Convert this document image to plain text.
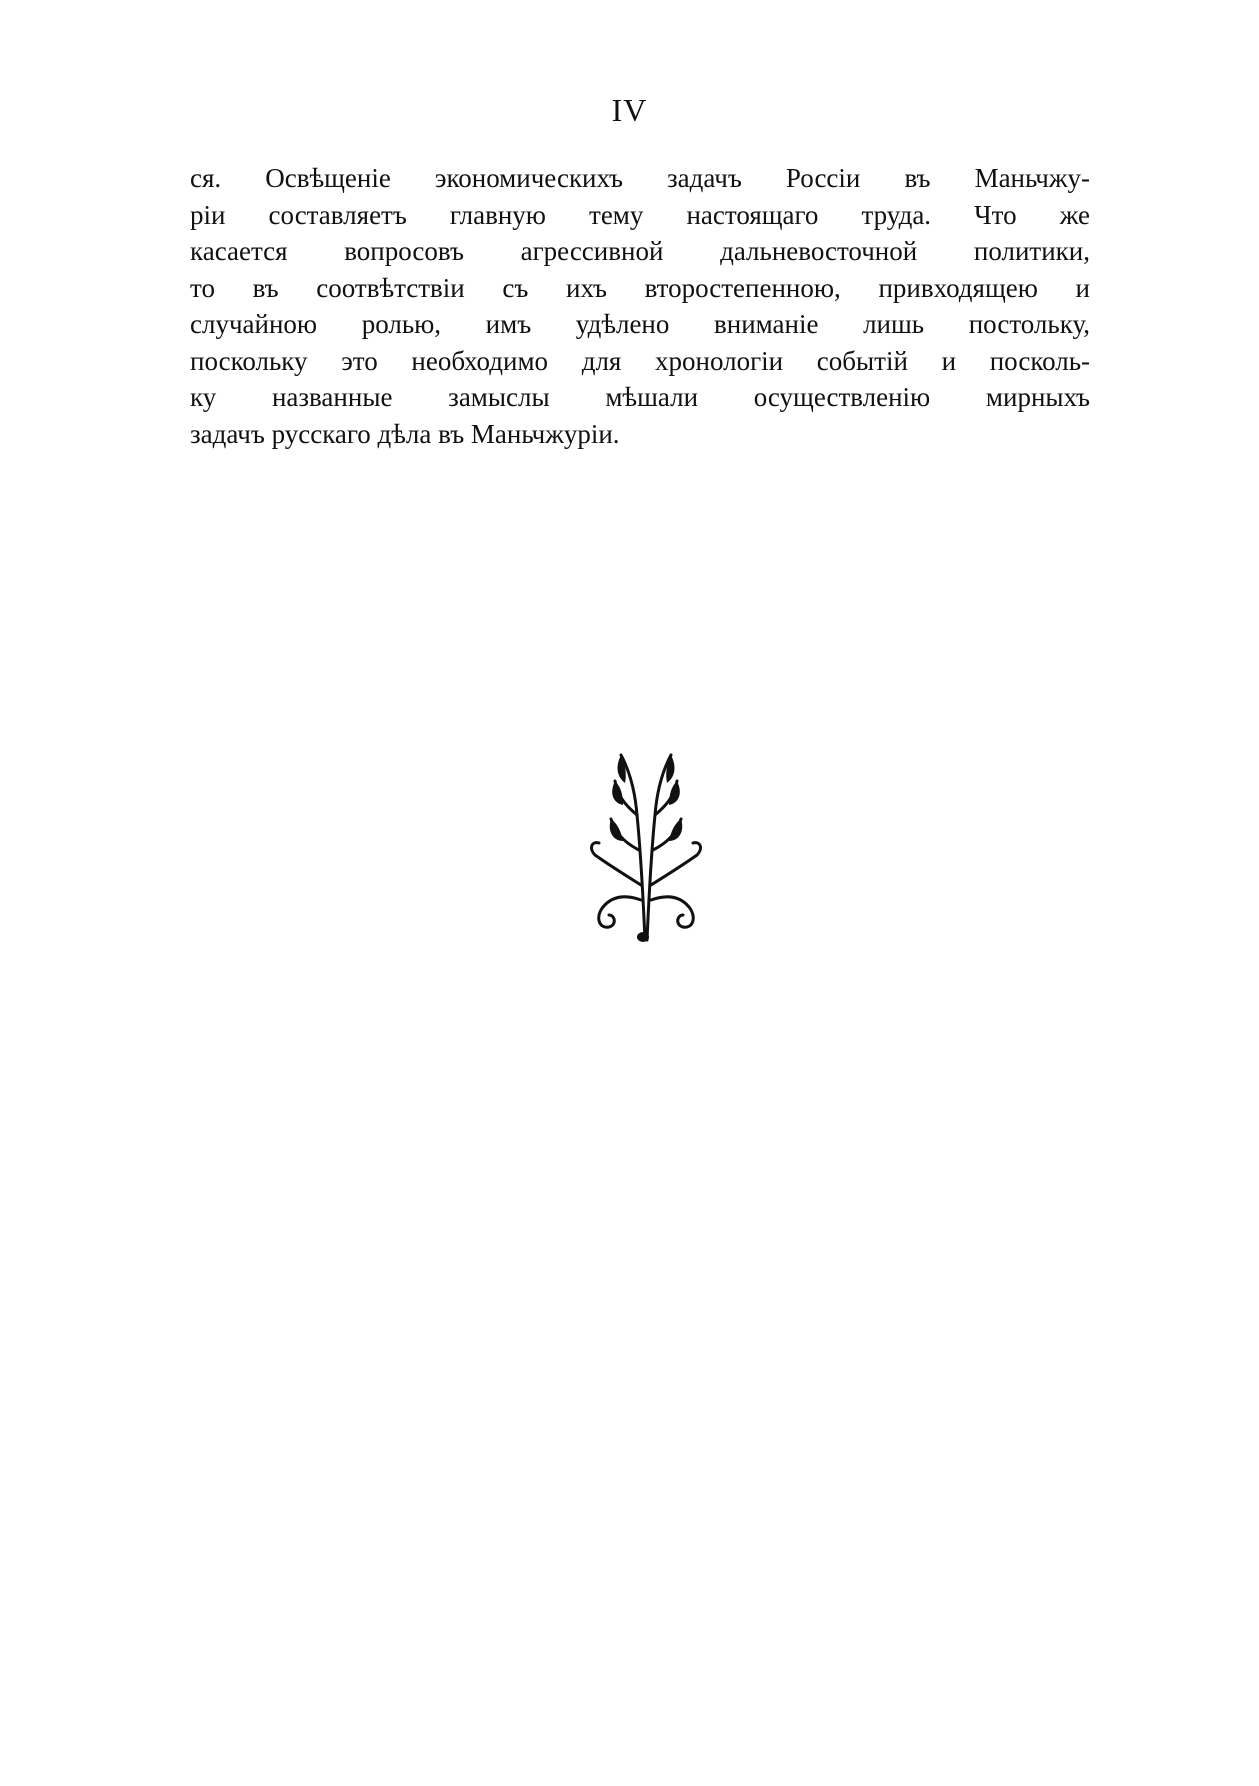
IV
ся. Освѣщенiе экономическихъ задачъ Россiи въ Маньчжу-
рiи составляетъ главную тему настоящаго труда. Что же
касается вопросовъ агрессивной дальневосточной политики,
то въ соотвѣтствiи съ ихъ второстепенною, привходящею и
случайною ролью, имъ удѣлено вниманiе лишь постольку,
поскольку это необходимо для хронологiи событiй и посколь-
ку названные замыслы мѣшали осуществленiю мирныхъ
задачъ русскаго дѣла въ Маньчжурiи.
